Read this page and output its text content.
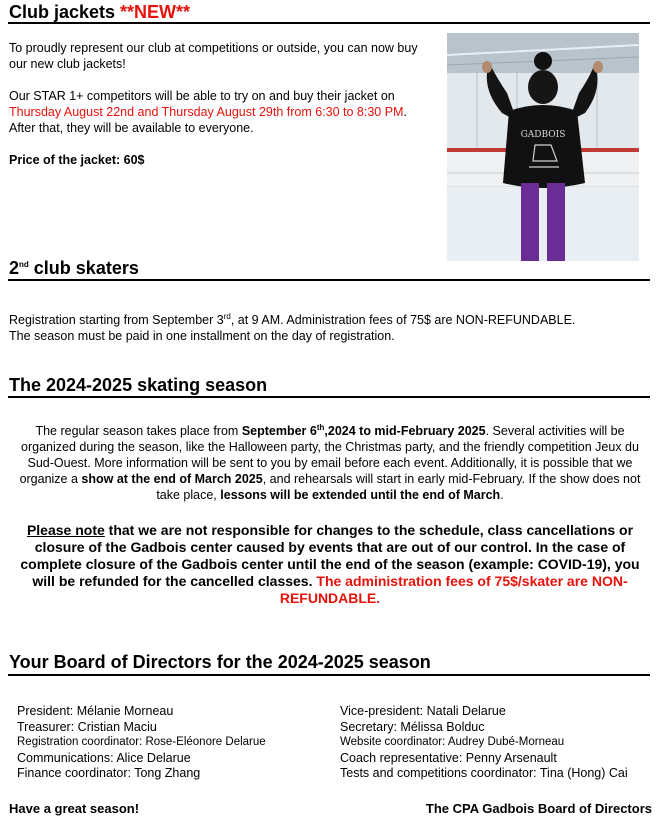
Club jackets **NEW**
To proudly represent our club at competitions or outside, you can now buy our new club jackets!
Our STAR 1+ competitors will be able to try on and buy their jacket on Thursday August 22nd and Thursday August 29th from 6:30 to 8:30 PM. After that, they will be available to everyone.
Price of the jacket: 60$
GADBOIS
2nd club skaters
Registration starting from September 3rd, at 9 AM. Administration fees of 75$ are NON-REFUNDABLE.
The season must be paid in one installment on the day of registration.
The 2024-2025 skating season
The regular season takes place from September 6th,2024 to mid-February 2025. Several activities will be organized during the season, like the Halloween party, the Christmas party, and the friendly competition Jeux du Sud-Ouest. More information will be sent to you by email before each event. Additionally, it is possible that we organize a show at the end of March 2025, and rehearsals will start in early mid-February. If the show does not take place, lessons will be extended until the end of March.
Please note that we are not responsible for changes to the schedule, class cancellations or closure of the Gadbois center caused by events that are out of our control. In the case of complete closure of the Gadbois center until the end of the season (example: COVID-19), you will be refunded for the cancelled classes. The administration fees of 75$/skater are NON-REFUNDABLE.
Your Board of Directors for the 2024-2025 season
President: Mélanie Morneau
Treasurer: Cristian Maciu
Registration coordinator: Rose-Eléonore Delarue
Communications: Alice Delarue
Finance coordinator: Tong Zhang
Vice-president: Natali Delarue
Secretary: Mélissa Bolduc
Website coordinator: Audrey Dubé-Morneau
Coach representative: Penny Arsenault
Tests and competitions coordinator: Tina (Hong) Cai
Have a great season!	The CPA Gadbois Board of Directors
